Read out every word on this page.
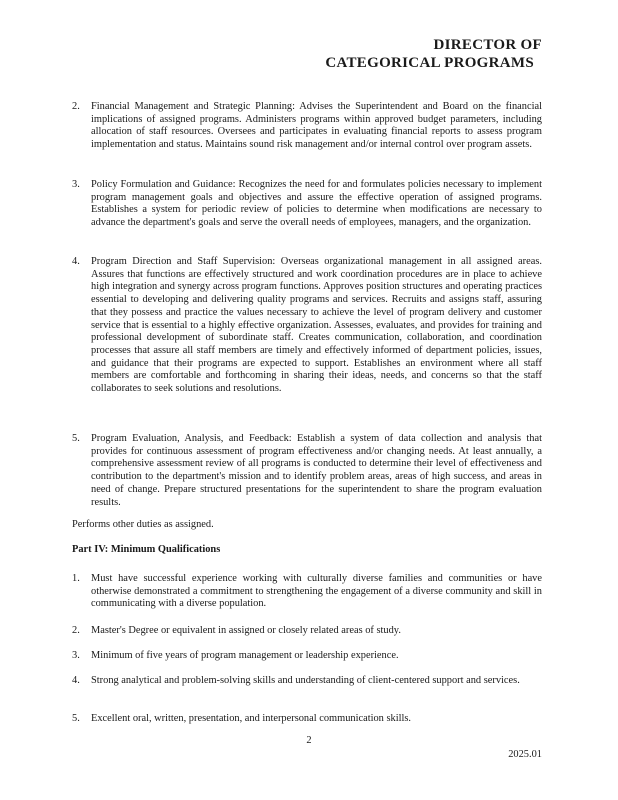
DIRECTOR OF
CATEGORICAL PROGRAMS
2. Financial Management and Strategic Planning: Advises the Superintendent and Board on the financial implications of assigned programs. Administers programs within approved budget parameters, including allocation of staff resources. Oversees and participates in evaluating financial reports to assess program implementation and status. Maintains sound risk management and/or internal control over program assets.
3. Policy Formulation and Guidance: Recognizes the need for and formulates policies necessary to implement program management goals and objectives and assure the effective operation of assigned programs. Establishes a system for periodic review of policies to determine when modifications are necessary to advance the department's goals and serve the overall needs of employees, managers, and the organization.
4. Program Direction and Staff Supervision: Overseas organizational management in all assigned areas. Assures that functions are effectively structured and work coordination procedures are in place to achieve high integration and synergy across program functions. Approves position structures and operating practices essential to developing and delivering quality programs and services. Recruits and assigns staff, assuring that they possess and practice the values necessary to achieve the level of program delivery and customer service that is essential to a highly effective organization. Assesses, evaluates, and provides for training and professional development of subordinate staff. Creates communication, collaboration, and coordination processes that assure all staff members are timely and effectively informed of department policies, issues, and guidance that their programs are expected to support. Establishes an environment where all staff members are comfortable and forthcoming in sharing their ideas, needs, and concerns so that the staff collaborates to seek solutions and resolutions.
5. Program Evaluation, Analysis, and Feedback: Establish a system of data collection and analysis that provides for continuous assessment of program effectiveness and/or changing needs. At least annually, a comprehensive assessment review of all programs is conducted to determine their level of effectiveness and contribution to the department's mission and to identify problem areas, areas of high success, and areas in need of change. Prepare structured presentations for the superintendent to share the program evaluation results.
Performs other duties as assigned.
Part IV: Minimum Qualifications
1. Must have successful experience working with culturally diverse families and communities or have otherwise demonstrated a commitment to strengthening the engagement of a diverse community and skill in communicating with a diverse population.
2. Master's Degree or equivalent in assigned or closely related areas of study.
3. Minimum of five years of program management or leadership experience.
4. Strong analytical and problem-solving skills and understanding of client-centered support and services.
5. Excellent oral, written, presentation, and interpersonal communication skills.
2
2025.01
